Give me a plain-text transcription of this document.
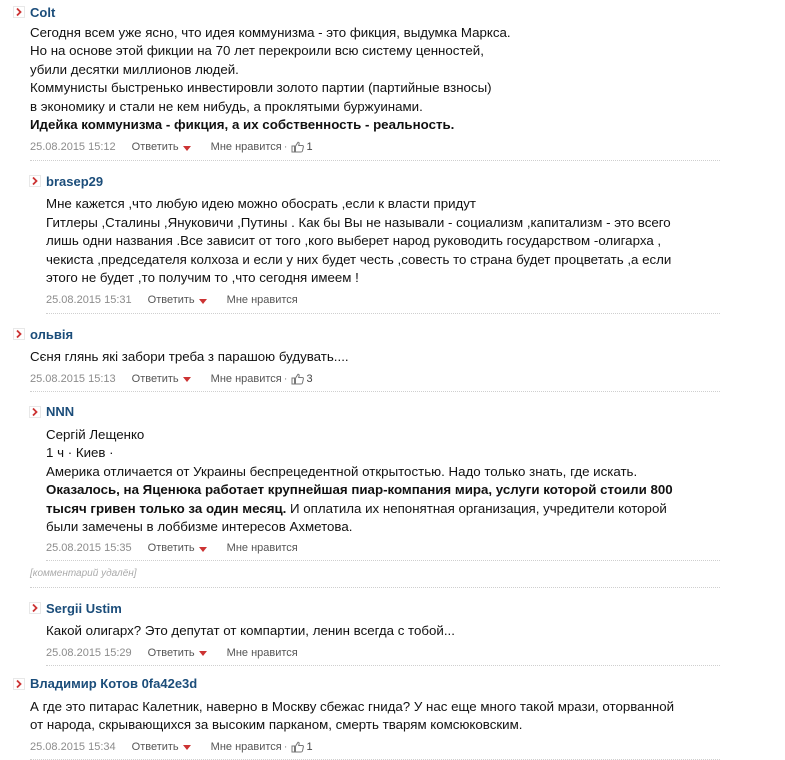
Colt

Сегодня всем уже ясно, что идея коммунизма - это фикция, выдумка Маркса.

Но на основе этой фикции на 70 лет перекроили всю систему ценностей,

убили десятки миллионов людей.

Коммунисты быстренько инвестировли золото партии (партийные взносы)

в экономику и стали не кем нибудь, а проклятыми буржуинами.

Идейка коммунизма - фикция, а их собственность - реальность.

25.08.2015 15:12 Ответить	Мне нравится · 1
brasep29

Мне кажется ,что любую идею можно обосрать ,если к власти придут

Гитлеры ,Сталины ,Януковичи ,Путины . Как бы Вы не называли - социализм ,капитализм - это всего

лишь одни названия .Все зависит от того ,кого выберет народ руководить государством -олигарха ,

чекиста ,председателя колхоза и если у них будет честь ,совесть то страна будет процветать ,а если

этого не будет ,то получим то ,что сегодня имеем !

25.08.2015 15:31 Ответить	Мне нравится
ольвія

Сєня глянь які забори треба з парашою будувать....

25.08.2015 15:13 Ответить	Мне нравится · 3
NNN

Сергій Лещенко

1 ч · Киев ·

Америка отличается от Украины беспрецедентной открытостью. Надо только знать, где искать.

Оказалось, на Яценюка работает крупнейшая пиар-компания мира, услуги которой стоили 800

тысяч гривен только за один месяц. И оплатила их непонятная организация, учредители которой

были замечены в лоббизме интересов Ахметова.

25.08.2015 15:35 Ответить	Мне нравится
[комментарий удалён]
Sergii Ustim

Какой олигарх? Это депутат от компартии, ленин всегда с тобой...

25.08.2015 15:29 Ответить	Мне нравится
Владимир Котов 0fa42e3d

А где это питарас Калетник, наверно в Москву сбежас гнида? У нас еще много такой мрази, оторванной

от народа, скрывающихся за высоким парканом, смерть тварям комсюковским.

25.08.2015 15:34 Ответить	Мне нравится · 1
